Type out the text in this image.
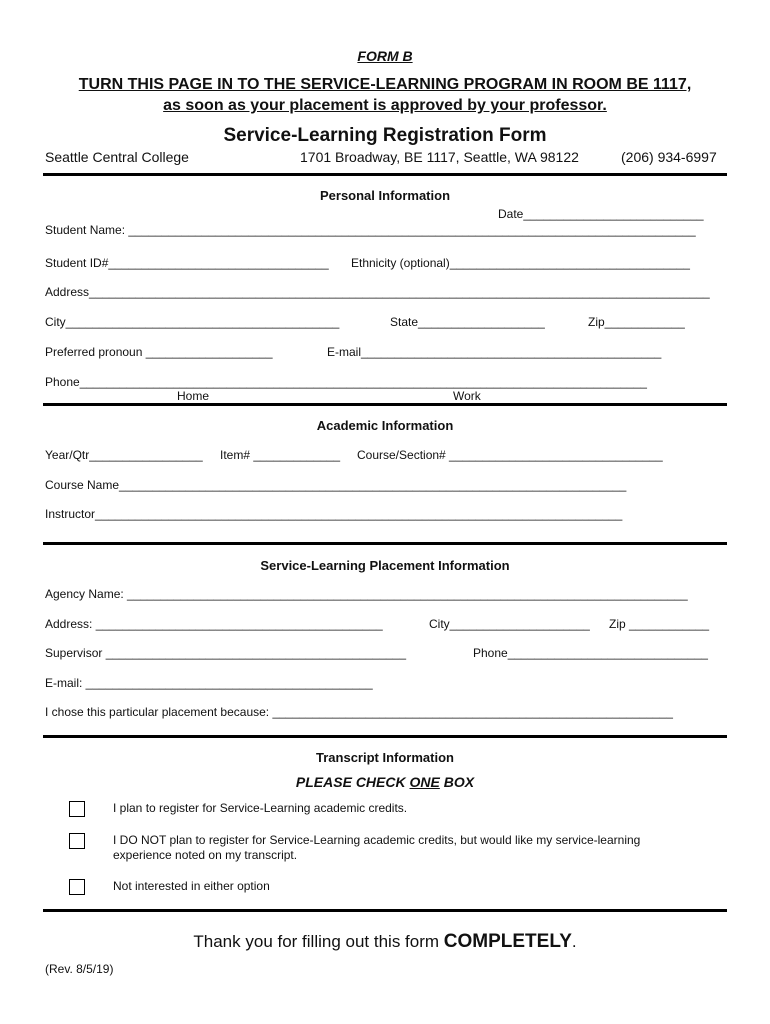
FORM B
TURN THIS PAGE IN TO THE SERVICE-LEARNING PROGRAM IN ROOM BE 1117,
as soon as your placement is approved by your professor.
Service-Learning Registration Form
Seattle Central College	1701 Broadway, BE 1117, Seattle, WA 98122	(206) 934-6997
Personal Information
Date___________________________
Student Name: _____________________________________________________________________________________
Student ID#_________________________________ Ethnicity (optional)____________________________________
Address_____________________________________________________________________________________________
City_________________________________________	State___________________	Zip____________
Preferred pronoun ___________________	E-mail_____________________________________________
Phone_____________________________________________________________________________________
Home	Work
Academic Information
Year/Qtr_________________ Item# _____________ Course/Section# ________________________________
Course Name____________________________________________________________________________
Instructor_______________________________________________________________________________
Service-Learning Placement Information
Agency Name: ____________________________________________________________________________________
Address: ___________________________________________	City_____________________ Zip ____________
Supervisor _____________________________________________	Phone______________________________
E-mail: ___________________________________________
I chose this particular placement because: ____________________________________________________________
Transcript Information
PLEASE CHECK ONE BOX
I plan to register for Service-Learning academic credits.
I DO NOT plan to register for Service-Learning academic credits, but would like my service-learning
experience noted on my transcript.
Not interested in either option
Thank you for filling out this form COMPLETELY.
(Rev. 8/5/19)
